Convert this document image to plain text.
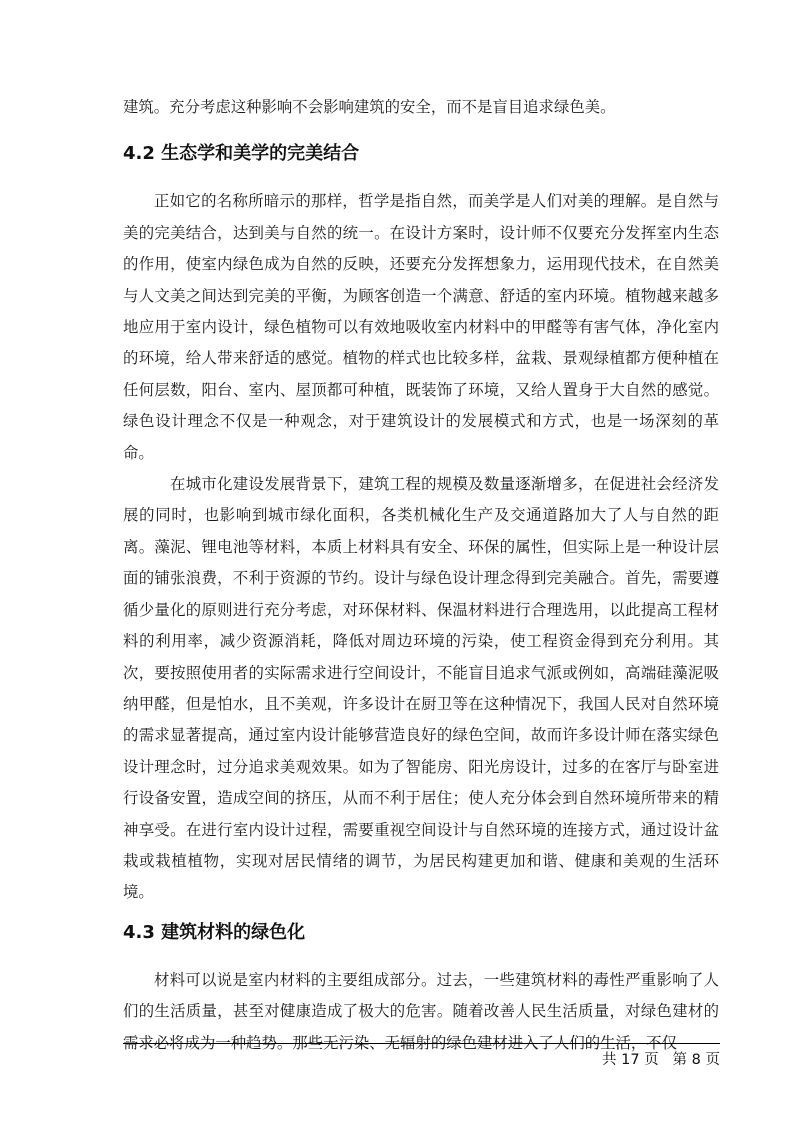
建筑。充分考虑这种影响不会影响建筑的安全，而不是盲目追求绿色美。

4.2 生态学和美学的完美结合

正如它的名称所暗示的那样，哲学是指自然，而美学是人们对美的理解。是自然与美的完美结合，达到美与自然的统一。在设计方案时，设计师不仅要充分发挥室内生态的作用，使室内绿色成为自然的反映，还要充分发挥想象力，运用现代技术，在自然美与人文美之间达到完美的平衡，为顾客创造一个满意、舒适的室内环境。植物越来越多地应用于室内设计，绿色植物可以有效地吸收室内材料中的甲醛等有害气体，净化室内的环境，给人带来舒适的感觉。植物的样式也比较多样，盆栽、景观绿植都方便种植在任何层数，阳台、室内、屋顶都可种植，既装饰了环境，又给人置身于大自然的感觉。绿色设计理念不仅是一种观念，对于建筑设计的发展模式和方式，也是一场深刻的革命。

在城市化建设发展背景下，建筑工程的规模及数量逐渐增多，在促进社会经济发展的同时，也影响到城市绿化面积，各类机械化生产及交通道路加大了人与自然的距离。藻泥、锂电池等材料，本质上材料具有安全、环保的属性，但实际上是一种设计层面的铺张浪费，不利于资源的节约。设计与绿色设计理念得到完美融合。首先，需要遵循少量化的原则进行充分考虑，对环保材料、保温材料进行合理选用，以此提高工程材料的利用率，减少资源消耗，降低对周边环境的污染，使工程资金得到充分利用。其次，要按照使用者的实际需求进行空间设计，不能盲目追求气派或例如，高端硅藻泥吸纳甲醛，但是怕水，且不美观，许多设计在厨卫等在这种情况下，我国人民对自然环境的需求显著提高，通过室内设计能够营造良好的绿色空间，故而许多设计师在落实绿色设计理念时，过分追求美观效果。如为了智能房、阳光房设计，过多的在客厅与卧室进行设备安置，造成空间的挤压，从而不利于居住；使人充分体会到自然环境所带来的精神享受。在进行室内设计过程，需要重视空间设计与自然环境的连接方式，通过设计盆栽或栽植植物，实现对居民情绪的调节，为居民构建更加和谐、健康和美观的生活环境。

4.3 建筑材料的绿色化

材料可以说是室内材料的主要组成部分。过去，一些建筑材料的毒性严重影响了人们的生活质量，甚至对健康造成了极大的危害。随着改善人民生活质量，对绿色建材的需求必将成为一种趋势。那些无污染、无辐射的绿色建材进入了人们的生活，不仅

共 17 页   第 8 页
